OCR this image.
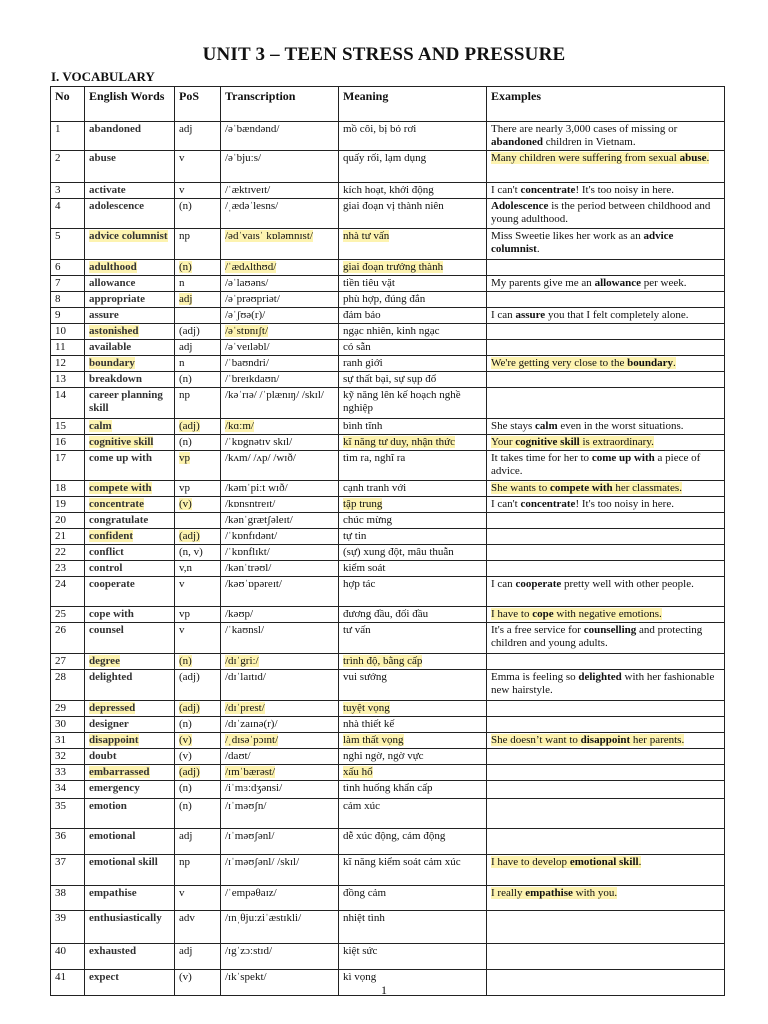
UNIT 3 – TEEN STRESS AND PRESSURE
I. VOCABULARY
No	English Words	PoS	Transcription	Meaning	Examples
1	abandoned	adj	/əˈbændənd/	mồ côi, bị bỏ rơi	There are nearly 3,000 cases of missing or abandoned children in Vietnam.
2	abuse	v	/əˈbjuːs/	quấy rối, lạm dụng	Many children were suffering from sexual abuse.
3	activate	v	/ˈæktɪveɪt/	kích hoạt, khởi động	I can't concentrate! It's too noisy in here.
4	adolescence	(n)	/ˌædəˈlesns/	giai đoạn vị thành niên	Adolescence is the period between childhood and young adulthood.
5	advice columnist	np	/ədˈvaɪsˈ kɒləmnɪst/	nhà tư vấn	Miss Sweetie likes her work as an advice columnist.
6	adulthood	(n)	/ˈædʌlthʊd/	giai đoạn trưởng thành	
7	allowance	n	/əˈlaʊəns/	tiền tiêu vặt	My parents give me an allowance per week.
8	appropriate	adj	/əˈprəʊpriət/	phù hợp, đúng đắn	
9	assure		/əˈʃʊə(r)/	đảm bảo	I can assure you that I felt completely alone.
10	astonished	(adj)	/əˈstɒnɪʃt/	ngạc nhiên, kinh ngạc	
11	available	adj	/əˈveɪləbl/	có sẵn	
12	boundary	n	/ˈbaʊndri/	ranh giới	We're getting very close to the boundary.
13	breakdown	(n)	/ˈbreɪkdaʊn/	sự thất bại, sự sụp đổ	
14	career planning skill	np	/kəˈrɪə/ /ˈplænɪŋ/ /skɪl/	kỹ năng lên kế hoạch nghề nghiệp	
15	calm	(adj)	/kɑːm/	bình tĩnh	She stays calm even in the worst situations.
16	cognitive skill	(n)	/ˈkɒgnətɪv skɪl/	kĩ năng tư duy, nhận thức	Your cognitive skill is extraordinary.
17	come up with	vp	/kʌm/ /ʌp/ /wɪð/	tìm ra, nghĩ ra	It takes time for her to come up with a piece of advice.
18	compete with	vp	/kəmˈpiːt wɪð/	cạnh tranh với	She wants to compete with her classmates.
19	concentrate	(v)	/kɒnsntreɪt/	tập trung	I can't concentrate! It's too noisy in here.
20	congratulate		/kənˈgrætʃəleɪt/	chúc mừng	
21	confident	(adj)	/ˈkɒnfɪdənt/	tự tin	
22	conflict	(n, v)	/ˈkɒnflɪkt/	(sự) xung đột, mâu thuẫn	
23	control	v,n	/kənˈtrəʊl/	kiểm soát	
24	cooperate	v	/kəʊˈɒpəreɪt/	hợp tác	I can cooperate pretty well with other people.
25	cope with	vp	/kəʊp/	đương đầu, đối đầu	I have to cope with negative emotions.
26	counsel	v	/ˈkaʊnsl/	tư vấn	It's a free service for counselling and protecting children and young adults.
27	degree	(n)	/dɪˈgriː/	trình độ, bằng cấp	
28	delighted	(adj)	/dɪˈlaɪtɪd/	vui sướng	Emma is feeling so delighted with her fashionable new hairstyle.
29	depressed	(adj)	/dɪˈprest/	tuyệt vọng	
30	designer	(n)	/dɪˈzaɪnə(r)/	nhà thiết kế	
31	disappoint	(v)	/ˌdɪsəˈpɔɪnt/	làm thất vọng	She doesn’t want to disappoint her parents.
32	doubt	(v)	/daʊt/	nghi ngờ, ngờ vực	
33	embarrassed	(adj)	/ɪmˈbærəst/	xấu hổ	
34	emergency	(n)	/iˈmɜːdʒənsi/	tình huống khẩn cấp	
35	emotion	(n)	/ɪˈməʊʃn/	cảm xúc	
36	emotional	adj	/ɪˈməʊʃənl/	dễ xúc động, cảm động	
37	emotional skill	np	/ɪˈməʊʃənl/ /skɪl/	kĩ năng kiểm soát cảm xúc	I have to develop emotional skill.
38	empathise	v	/ˈempəθaɪz/	đồng cảm	I really empathise with you.
39	enthusiastically	adv	/ɪnˌθjuːziˈæstɪkli/	nhiệt tình	
40	exhausted	adj	/ɪgˈzɔːstɪd/	kiệt sức	
41	expect	(v)	/ɪkˈspekt/	kì vọng	
1
